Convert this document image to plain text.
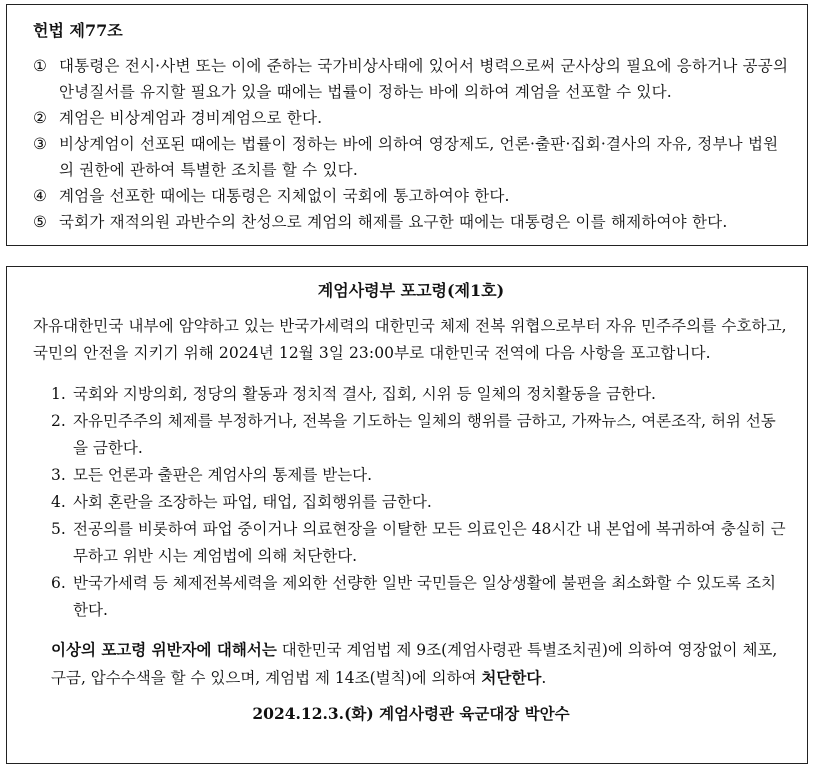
헌법 제77조
① 대통령은 전시·사변 또는 이에 준하는 국가비상사태에 있어서 병력으로써 군사상의 필요에 응하거나 공공의 안녕질서를 유지할 필요가 있을 때에는 법률이 정하는 바에 의하여 계엄을 선포할 수 있다.
② 계엄은 비상계엄과 경비계엄으로 한다.
③ 비상계엄이 선포된 때에는 법률이 정하는 바에 의하여 영장제도, 언론·출판·집회·결사의 자유, 정부나 법원의 권한에 관하여 특별한 조치를 할 수 있다.
④ 계엄을 선포한 때에는 대통령은 지체없이 국회에 통고하여야 한다.
⑤ 국회가 재적의원 과반수의 찬성으로 계엄의 해제를 요구한 때에는 대통령은 이를 해제하여야 한다.
계엄사령부 포고령(제1호)
자유대한민국 내부에 암약하고 있는 반국가세력의 대한민국 체제 전복 위협으로부터 자유 민주주의를 수호하고, 국민의 안전을 지키기 위해 2024년 12월 3일 23:00부로 대한민국 전역에 다음 사항을 포고합니다.
1. 국회와 지방의회, 정당의 활동과 정치적 결사, 집회, 시위 등 일체의 정치활동을 금한다.
2. 자유민주주의 체제를 부정하거나, 전복을 기도하는 일체의 행위를 금하고, 가짜뉴스, 여론조작, 허위 선동을 금한다.
3. 모든 언론과 출판은 계엄사의 통제를 받는다.
4. 사회 혼란을 조장하는 파업, 태업, 집회행위를 금한다.
5. 전공의를 비롯하여 파업 중이거나 의료현장을 이탈한 모든 의료인은 48시간 내 본업에 복귀하여 충실히 근무하고 위반 시는 계엄법에 의해 처단한다.
6. 반국가세력 등 체제전복세력을 제외한 선량한 일반 국민들은 일상생활에 불편을 최소화할 수 있도록 조치한다.
이상의 포고령 위반자에 대해서는 대한민국 계엄법 제 9조(계엄사령관 특별조치권)에 의하여 영장없이 체포, 구금, 압수수색을 할 수 있으며, 계엄법 제 14조(벌칙)에 의하여 처단한다.
2024.12.3.(화) 계엄사령관 육군대장 박안수
